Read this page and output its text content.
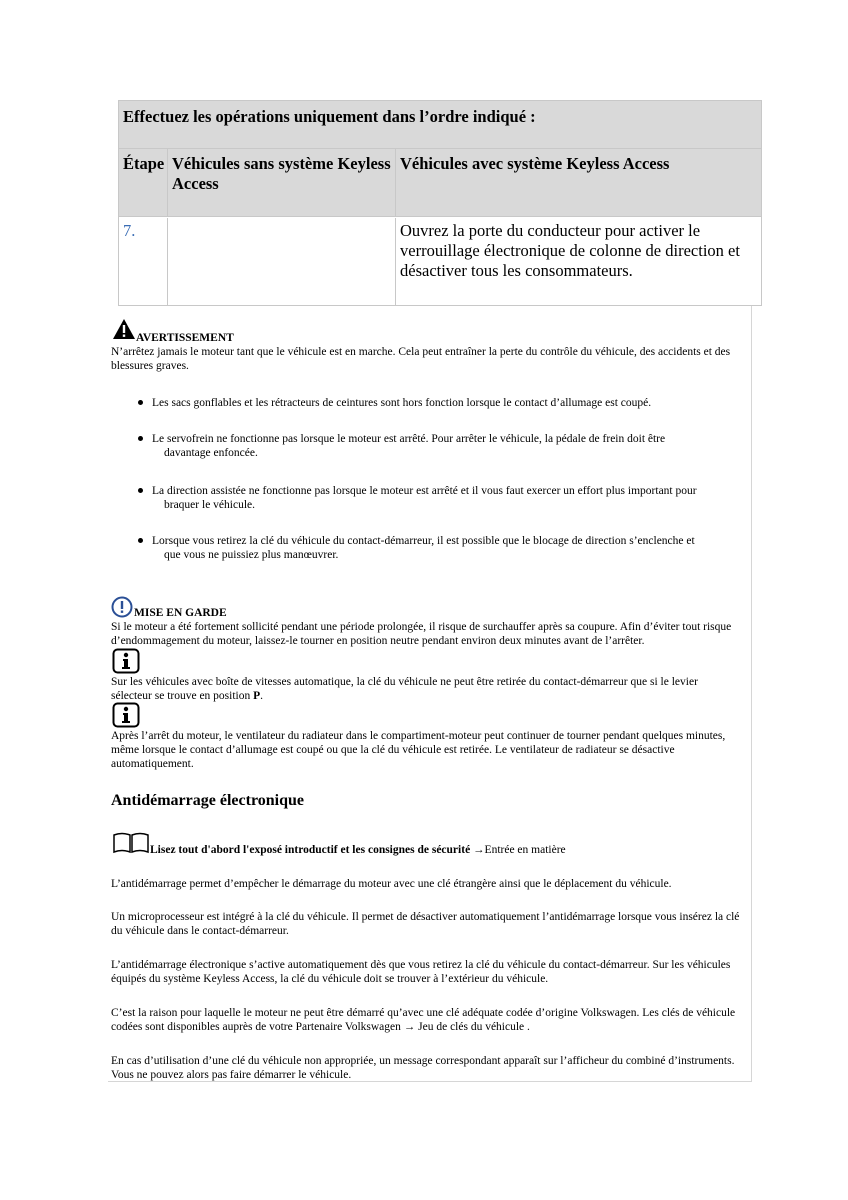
Effectuez les opérations uniquement dans l’ordre indiqué :
Étape Véhicules sans système Keyless Access
Véhicules avec système Keyless Access
7.	Ouvrez la porte du conducteur pour activer le verrouillage électronique de colonne de direction et désactiver tous les consommateurs.
AVERTISSEMENT
N’arrêtez jamais le moteur tant que le véhicule est en marche. Cela peut entraîner la perte du contrôle du véhicule, des accidents et des blessures graves.
Les sacs gonflables et les rétracteurs de ceintures sont hors fonction lorsque le contact d’allumage est coupé.
Le servofrein ne fonctionne pas lorsque le moteur est arrêté. Pour arrêter le véhicule, la pédale de frein doit être
davantage enfoncée.
La direction assistée ne fonctionne pas lorsque le moteur est arrêté et il vous faut exercer un effort plus important pour
braquer le véhicule.
Lorsque vous retirez la clé du véhicule du contact-démarreur, il est possible que le blocage de direction s’enclenche et
que vous ne puissiez plus manœuvrer.
MISE EN GARDE
Si le moteur a été fortement sollicité pendant une période prolongée, il risque de surchauffer après sa coupure. Afin d’éviter tout risque d’endommagement du moteur, laissez-le tourner en position neutre pendant environ deux minutes avant de l’arrêter.
Sur les véhicules avec boîte de vitesses automatique, la clé du véhicule ne peut être retirée du contact-démarreur que si le levier sélecteur se trouve en position P.
Après l’arrêt du moteur, le ventilateur du radiateur dans le compartiment-moteur peut continuer de tourner pendant quelques minutes, même lorsque le contact d’allumage est coupé ou que la clé du véhicule est retirée. Le ventilateur de radiateur se désactive automatiquement.
Antidémarrage électronique
Lisez tout d'abord l'exposé introductif et les consignes de sécurité →Entrée en matière
L’antidémarrage permet d’empêcher le démarrage du moteur avec une clé étrangère ainsi que le déplacement du véhicule.
Un microprocesseur est intégré à la clé du véhicule. Il permet de désactiver automatiquement l’antidémarrage lorsque vous insérez la clé du véhicule dans le contact-démarreur.
L’antidémarrage électronique s’active automatiquement dès que vous retirez la clé du véhicule du contact-démarreur. Sur les véhicules équipés du système Keyless Access, la clé du véhicule doit se trouver à l’extérieur du véhicule.
C’est la raison pour laquelle le moteur ne peut être démarré qu’avec une clé adéquate codée d’origine Volkswagen. Les clés de véhicule codées sont disponibles auprès de votre Partenaire Volkswagen → Jeu de clés du véhicule .
En cas d’utilisation d’une clé du véhicule non appropriée, un message correspondant apparaît sur l’afficheur du combiné d’instruments. Vous ne pouvez alors pas faire démarrer le véhicule.
